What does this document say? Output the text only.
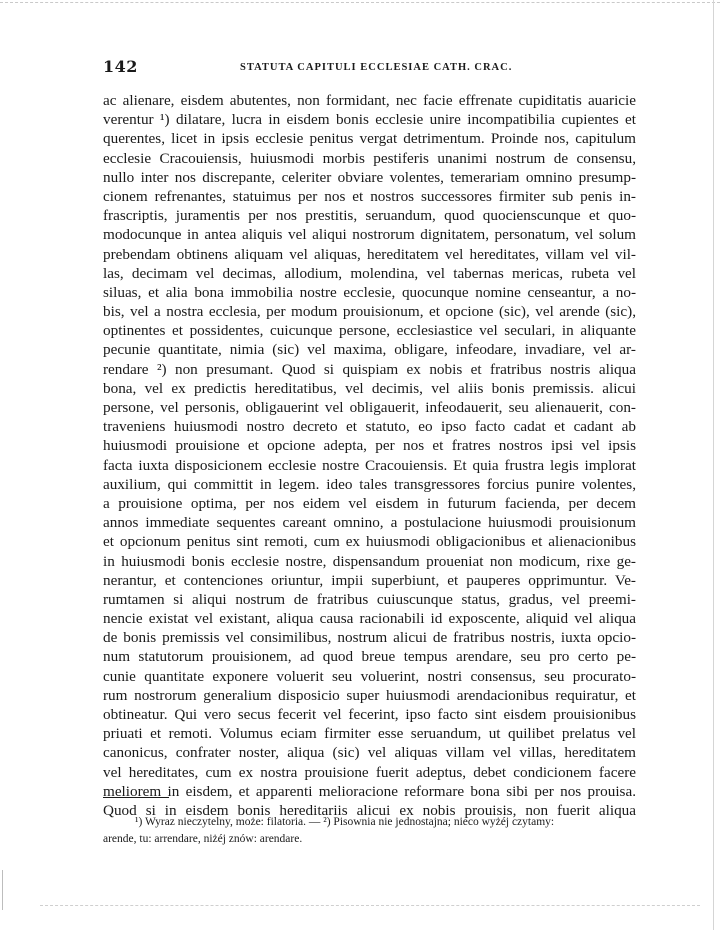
142	STATUTA CAPITULI ECCLESIAE CATH. CRAC.
ac alienare, eisdem abutentes, non formidant, nec facie effrenate cupiditatis auaricie
verentur ¹) dilatare, lucra in eisdem bonis ecclesie unire incompatibilia cupientes et
querentes, licet in ipsis ecclesie penitus vergat detrimentum. Proinde nos, capitulum
ecclesie Cracouiensis, huiusmodi morbis pestiferis unanimi nostrum de consensu,
nullo inter nos discrepante, celeriter obviare volentes, temerariam omnino presump-
cionem refrenantes, statuimus per nos et nostros successores firmiter sub penis in-
frascriptis, juramentis per nos prestitis, seruandum, quod quocienscunque et quo-
modocunque in antea aliquis vel aliqui nostrorum dignitatem, personatum, vel solum
prebendam obtinens aliquam vel aliquas, hereditatem vel hereditates, villam vel vil-
las, decimam vel decimas, allodium, molendina, vel tabernas mericas, rubeta vel
siluas, et alia bona immobilia nostre ecclesie, quocunque nomine censeantur, a no-
bis, vel a nostra ecclesia, per modum prouisionum, et opcione (sic), vel arende (sic),
optinentes et possidentes, cuicunque persone, ecclesiastice vel seculari, in aliquante
pecunie quantitate, nimia (sic) vel maxima, obligare, infeodare, invadiare, vel ar-
rendare ²) non presumant. Quod si quispiam ex nobis et fratribus nostris aliqua
bona, vel ex predictis hereditatibus, vel decimis, vel aliis bonis premissis. alicui
persone, vel personis, obligauerint vel obligauerit, infeodauerit, seu alienauerit, con-
traveniens huiusmodi nostro decreto et statuto, eo ipso facto cadat et cadant ab
huiusmodi prouisione et opcione adepta, per nos et fratres nostros ipsi vel ipsis
facta iuxta disposicionem ecclesie nostre Cracouiensis. Et quia frustra legis implorat
auxilium, qui committit in legem. ideo tales transgressores forcius punire volentes,
a prouisione optima, per nos eidem vel eisdem in futurum facienda, per decem
annos immediate sequentes careant omnino, a postulacione huiusmodi prouisionum
et opcionum penitus sint remoti, cum ex huiusmodi obligacionibus et alienacionibus
in huiusmodi bonis ecclesie nostre, dispensandum proueniat non modicum, rixe ge-
nerantur, et contenciones oriuntur, impii superbiunt, et pauperes opprimuntur. Ve-
rumtamen si aliqui nostrum de fratribus cuiuscunque status, gradus, vel preemi-
nencie existat vel existant, aliqua causa racionabili id exposcente, aliquid vel aliqua
de bonis premissis vel consimilibus, nostrum alicui de fratribus nostris, iuxta opcio-
num statutorum prouisionem, ad quod breue tempus arendare, seu pro certo pe-
cunie quantitate exponere voluerit seu voluerint, nostri consensus, seu procurato-
rum nostrorum generalium disposicio super huiusmodi arendacionibus requiratur, et
obtineatur. Qui vero secus fecerit vel fecerint, ipso facto sint eisdem prouisionibus
priuati et remoti. Volumus eciam firmiter esse seruandum, ut quilibet prelatus vel
canonicus, confrater noster, aliqua (sic) vel aliquas villam vel villas, hereditatem
vel hereditates, cum ex nostra prouisione fuerit adeptus, debet condicionem facere
meliorem in eisdem, et apparenti melioracione reformare bona sibi per nos prouisa.
Quod si in eisdem bonis hereditariis alicui ex nobis prouisis, non fuerit aliqua
¹) Wyraz nieczytelny, może: filatoria. — ²) Pisownia nie jednostajna; nieco wyżéj czytamy:
arende, tu: arrendare, niżéj znów: arendare.
